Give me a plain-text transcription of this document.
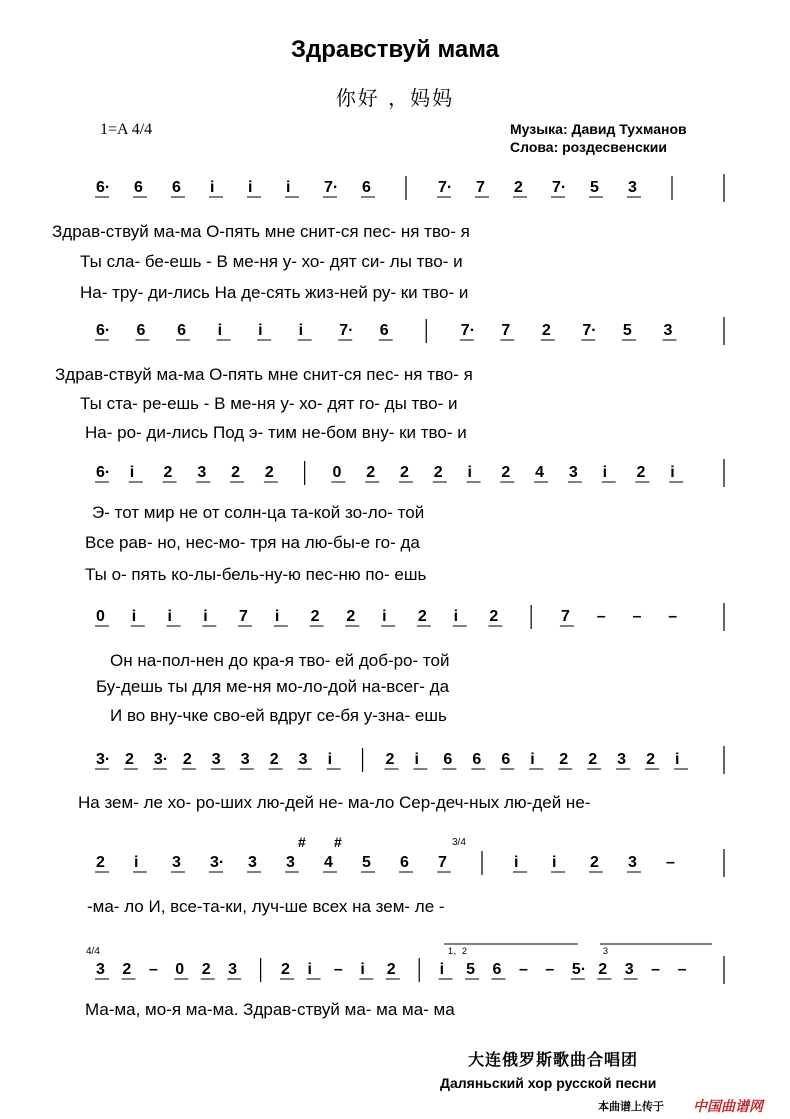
Здравствуй мама
你好 ，妈妈
1=A 4/4	Музыка: Давид Тухманов
Слова: роздесвенскии
6· 6 6 i i i 7· 6	7· 7 2 7· 5 3
6· 6 6 i i i 7· 6	7· 7 2 7· 5 3
6· i 2 3 2 2	0 2 2 2 i 2 4 3 i 2 i
0 i i i 7 i 2 2 i 2 i 2	7 – – –
3· 2 3· 2 3 3 2 3 i	2 i 6 6 6 i 2 2 3 2 i
2 i 3 3· 3 3 4 5 6 7	i i 2 3 –
3/4
# #
3 2 – 0 2 3	2 i – i 2	i 5 6 – – 5· 2 3 – –
4/4	1、2	3
Здрав-ствуй ма-ма О-пять мне снит-ся пес- ня тво- я
Ты сла- бе-ешь - В ме-ня у- хо- дят си- лы тво- и
На- тру- ди-лись На де-сять жиз-ней ру- ки тво- и
Здрав-ствуй ма-ма О-пять мне снит-ся пес- ня тво- я
Ты ста- ре-ешь - В ме-ня у- хо- дят го- ды тво- и
На- ро- ди-лись Под э- тим не-бом вну- ки тво- и
Э- тот мир не от солн-ца та-кой зо-ло- той
Все рав- но, нес-мо- тря на лю-бы-е го- да
Ты о- пять ко-лы-бель-ну-ю пес-ню по- ешь
Он на-пол-нен до кра-я тво- ей доб-ро- той
Бу-дешь ты для ме-ня мо-ло-дой на-всег- да
И во вну-чке сво-ей вдруг се-бя у-зна- ешь
На зем- ле хо- ро-ших лю-дей не- ма-ло Сер-деч-ных лю-дей не-
-ма- ло И, все-та-ки, луч-ше всех на зем- ле -
Ма-ма, мо-я ма-ма. Здрав-ствуй ма- ма ма- ма
大连俄罗斯歌曲合唱团
Даляньский хор русской песни
本曲谱上传于 中国曲谱网
